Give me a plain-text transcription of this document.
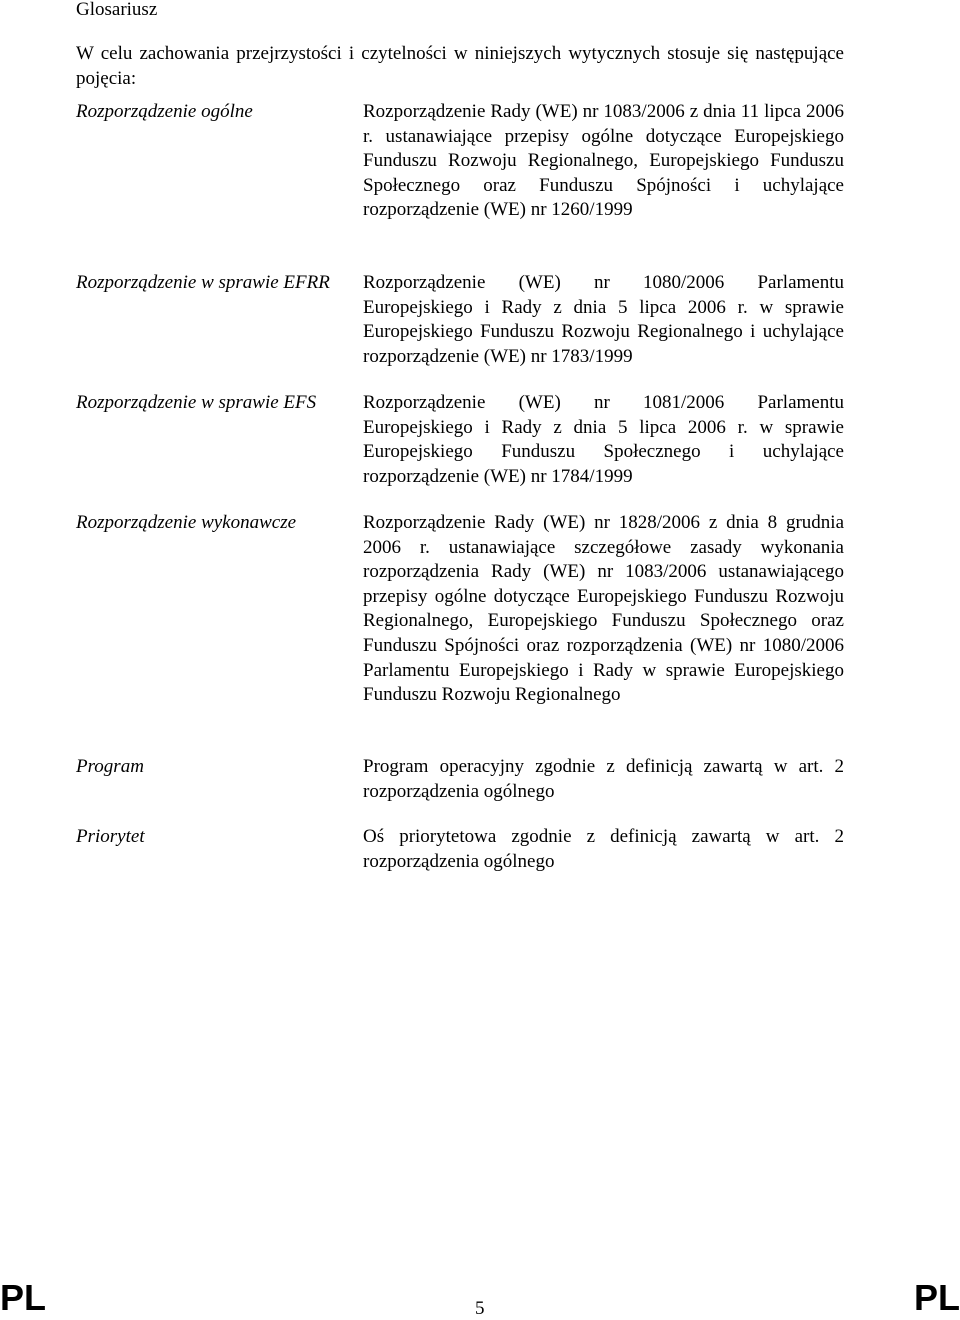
Glosariusz
W celu zachowania przejrzystości i czytelności w niniejszych wytycznych stosuje się następujące pojęcia:
Rozporządzenie ogólne	Rozporządzenie Rady (WE) nr 1083/2006 z dnia 11 lipca 2006 r. ustanawiające przepisy ogólne dotyczące Europejskiego Funduszu Rozwoju Regionalnego, Europejskiego Funduszu Społecznego oraz Funduszu Spójności i uchylające rozporządzenie (WE) nr 1260/1999
Rozporządzenie w sprawie EFRR	Rozporządzenie (WE) nr 1080/2006 Parlamentu Europejskiego i Rady z dnia 5 lipca 2006 r. w sprawie Europejskiego Funduszu Rozwoju Regionalnego i uchylające rozporządzenie (WE) nr 1783/1999
Rozporządzenie w sprawie EFS	Rozporządzenie (WE) nr 1081/2006 Parlamentu Europejskiego i Rady z dnia 5 lipca 2006 r. w sprawie Europejskiego Funduszu Społecznego i uchylające rozporządzenie (WE) nr 1784/1999
Rozporządzenie wykonawcze	Rozporządzenie Rady (WE) nr 1828/2006 z dnia 8 grudnia 2006 r. ustanawiające szczegółowe zasady wykonania rozporządzenia Rady (WE) nr 1083/2006 ustanawiającego przepisy ogólne dotyczące Europejskiego Funduszu Rozwoju Regionalnego, Europejskiego Funduszu Społecznego oraz Funduszu Spójności oraz rozporządzenia (WE) nr 1080/2006 Parlamentu Europejskiego i Rady w sprawie Europejskiego Funduszu Rozwoju Regionalnego
Program	Program operacyjny zgodnie z definicją zawartą w art. 2 rozporządzenia ogólnego
Priorytet	Oś priorytetowa zgodnie z definicją zawartą w art. 2 rozporządzenia ogólnego
PL	5	PL
